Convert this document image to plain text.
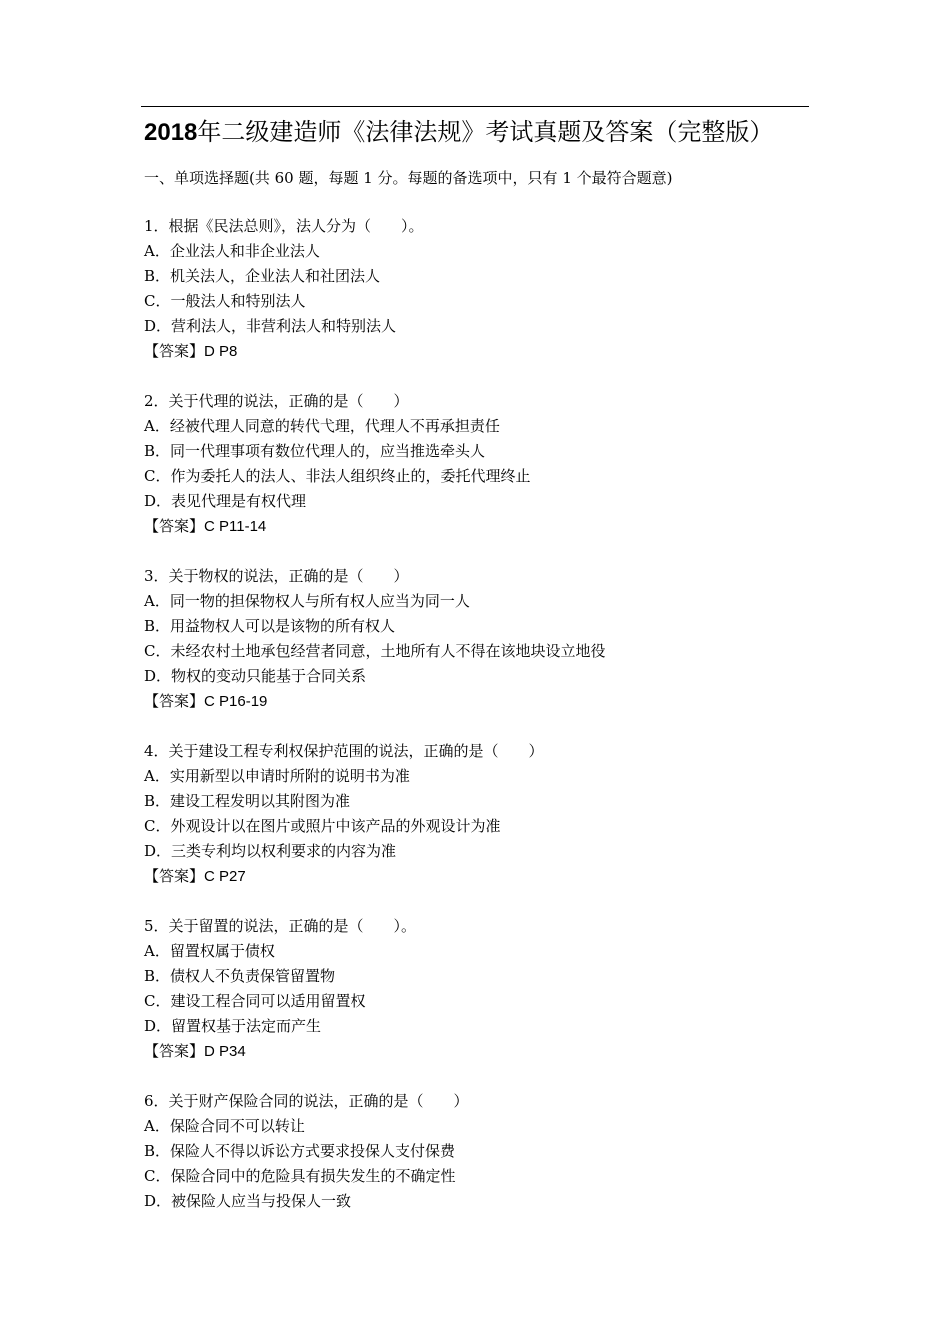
2018年二级建造师《法律法规》考试真题及答案（完整版）

一、单项选择题(共 60 题，每题 1 分。每题的备选项中，只有 1 个最符合题意)

1．根据《民法总则》，法人分为（　　）。
A．企业法人和非企业法人
B．机关法人，企业法人和社团法人
C．一般法人和特别法人
D．营利法人，非营利法人和特别法人
【答案】D P8
2．关于代理的说法，正确的是（　　）
A．经被代理人同意的转代弋理，代理人不再承担责任
B．同一代理事项有数位代理人的，应当推选牵头人
C．作为委托人的法人、非法人组织终止的，委托代理终止
D．表见代理是有权代理
【答案】C P11-14
3．关于物权的说法，正确的是（　　）
A．同一物的担保物权人与所有权人应当为同一人
B．用益物权人可以是该物的所有权人
C．未经农村土地承包经营者同意，土地所有人不得在该地块设立地役
D．物权的变动只能基于合同关系
【答案】C P16-19
4．关于建设工程专利权保护范围的说法，正确的是（　　）
A．实用新型以申请时所附的说明书为准
B．建设工程发明以其附图为准
C．外观设计以在图片或照片中该产品的外观设计为准
D．三类专利均以权利要求的内容为准
【答案】C P27
5．关于留置的说法，正确的是（　　）。
A．留置权属于债权
B．债权人不负责保管留置物
C．建设工程合同可以适用留置权
D．留置权基于法定而产生
【答案】D P34
6．关于财产保险合同的说法，正确的是（　　）
A．保险合同不可以转让
B．保险人不得以诉讼方式要求投保人支付保费
C．保险合同中的危险具有损失发生的不确定性
D．被保险人应当与投保人一致
